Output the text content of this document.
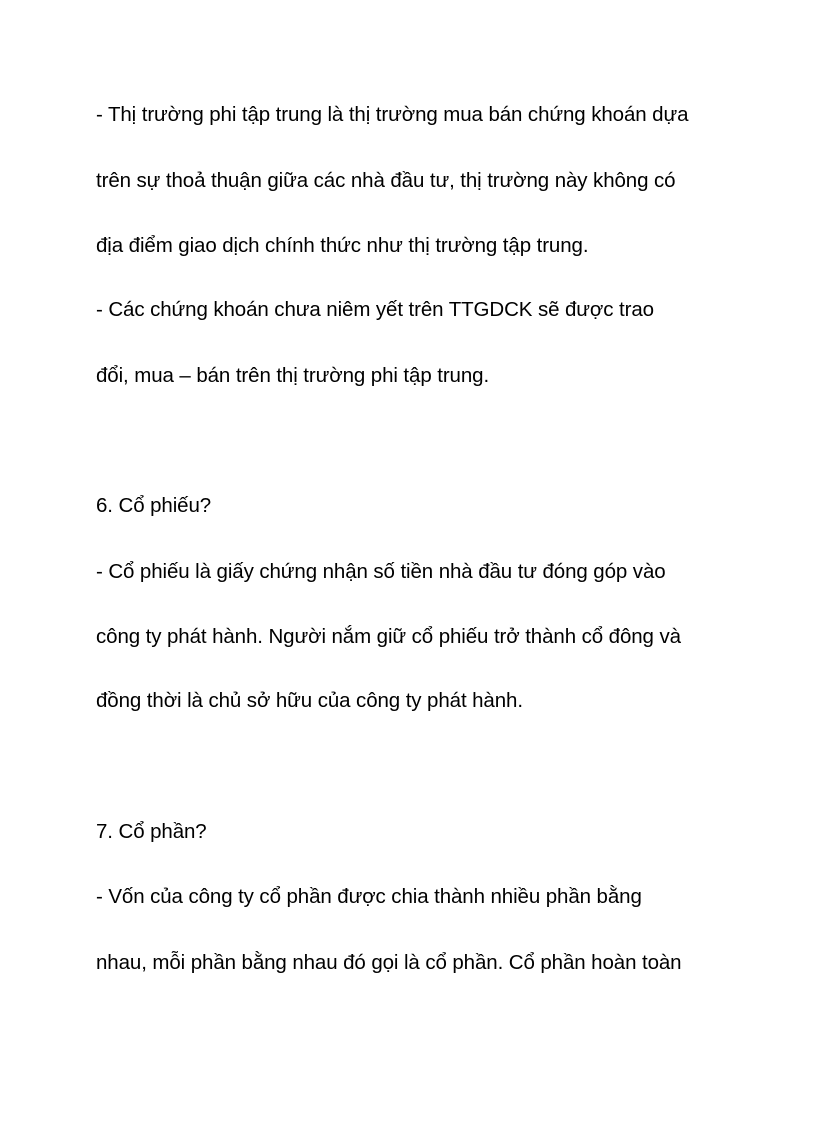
- Thị trường phi tập trung là thị trường mua bán chứng khoán dựa
trên sự thoả thuận giữa các nhà đầu tư, thị trường này không có
địa điểm giao dịch chính thức như thị trường tập trung.
- Các chứng khoán chưa niêm yết trên TTGDCK sẽ được trao
đổi, mua – bán trên thị trường phi tập trung.
6. Cổ phiếu?
- Cổ phiếu là giấy chứng nhận số tiền nhà đầu tư đóng góp vào
công ty phát hành. Người nắm giữ cổ phiếu trở thành cổ đông và
đồng thời là chủ sở hữu của công ty phát hành.
7. Cổ phần?
- Vốn của công ty cổ phần được chia thành nhiều phần bằng
nhau, mỗi phần bằng nhau đó gọi là cổ phần. Cổ phần hoàn toàn
